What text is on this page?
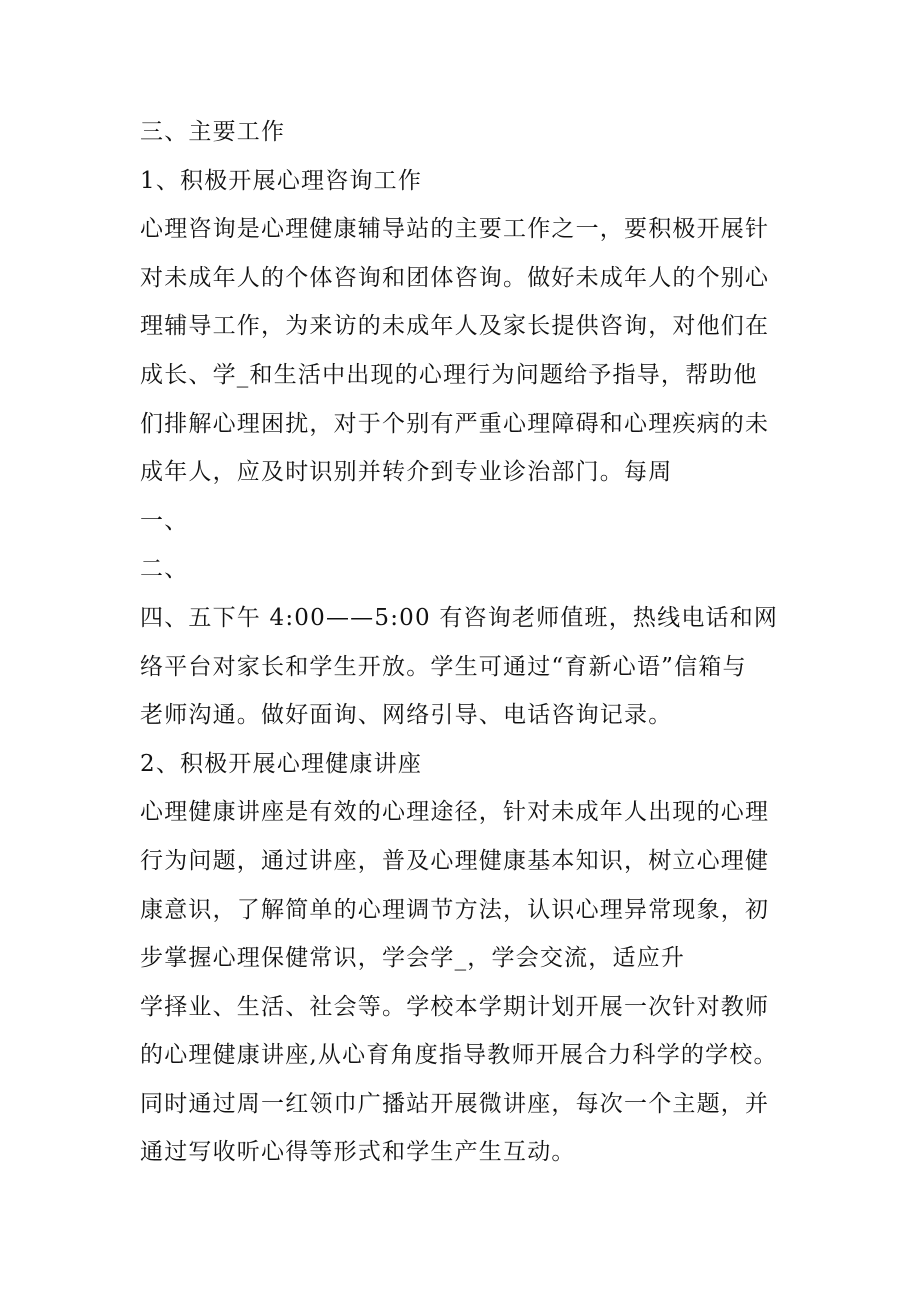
三、主要工作
1、积极开展心理咨询工作
心理咨询是心理健康辅导站的主要工作之一，要积极开展针
对未成年人的个体咨询和团体咨询。做好未成年人的个别心
理辅导工作，为来访的未成年人及家长提供咨询，对他们在
成长、学_和生活中出现的心理行为问题给予指导，帮助他
们排解心理困扰，对于个别有严重心理障碍和心理疾病的未
成年人，应及时识别并转介到专业诊治部门。每周
一、
二、
四、五下午 4:00——5:00 有咨询老师值班，热线电话和网
络平台对家长和学生开放。学生可通过“育新心语”信箱与
老师沟通。做好面询、网络引导、电话咨询记录。
2、积极开展心理健康讲座
心理健康讲座是有效的心理途径，针对未成年人出现的心理
行为问题，通过讲座，普及心理健康基本知识，树立心理健
康意识，了解简单的心理调节方法，认识心理异常现象，初
步掌握心理保健常识，学会学_，学会交流，适应升
学择业、生活、社会等。学校本学期计划开展一次针对教师
的心理健康讲座,从心育角度指导教师开展合力科学的学校。
同时通过周一红领巾广播站开展微讲座，每次一个主题，并
通过写收听心得等形式和学生产生互动。
